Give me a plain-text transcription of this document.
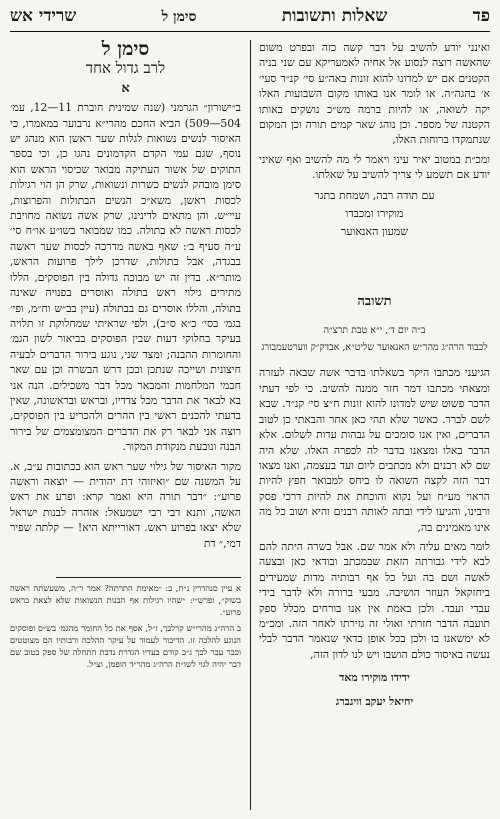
פד
שאלות ותשובות
סימן ל
שרידי אש

ואינני יודע להשיב על דבר קשה כזה ובפרט משום שהאשה רוצה לנסוע אל אחיה לאמעריקא עם שני בניה הקטנים אם יש למדונו להוא זונות באה״ע סי׳ קנ״ד סעי׳ א׳ בהגה״ה. או לומר אנו באותו מקום השבועות האלו יקה לשואה, או להיות ברמה מש״כ נושקים באותו הקטנה של מספר. וכן נוהג שאר קמים תורה וכן המקום שנתמקדו ברוחות האלו,

ומכ״ת במטוב יאיר עיני ויאמר לי מה להשיב ואף שאיני יודע אם תשמע לי צריך להשיב על שאלתו.

עם תודה רבה, ושמחת בתגר

מוקירו ומכבדו

שמעון האנאוער

תשובה

ב״ה יום ד׳, י״א טבת תרצ״ה

לכבוד הרה״ג מהר״ש האנאוער שליט״א, אבדק״ק ווערטעמבורג

הגיעני מכתבו היקר בשאלתו בדבר אשה שבאה לעזרה ומצאתי מכתבו דמר חזר ממנה להשיב. כי לפי דעתי הדבר פשוט שיש למדונו להוא זונות ח״צ סי׳ קנ״ד. שבא לשם לברר. כאשר שלא תהי כאן אחר והבאתי כן לטוב הדברים, ואין אנו סומכים על גבהות עדות לשלום. אלא הדבר באלו ומצאנו בדבר לה לכפרה האלו. שלא היה שם לא רבנים ולא מכתבים ליום ועד בעצמה, ואנו מצאו דבר הזה לקצה השואה לו ביחס למבואר חפץ להיות הראוי מע״ח ועל נקוא והוכחת את להיות דרכי פסק ורבינו, והגיעו לידי ובתה לאותה רבנים והיא ושוב כל מה אינו מאמינים בה,

לומר מאים עליה ולא אמר שם. אבל כשרה היתה להם לבא לידי גבורתה הזאת שבמכתב ובודאי כאן ובצעה לאשה ושם בה ועל כל אף רבותיה מדות שמעידים ביחזקאל העוזר הושיבה. מבעי ברורה ולא לדבר בידי עבדי ועבד. ולכן באמת אין אנו בורחים מכלל ספק תועבה הדבר חזרתי ואולי זה גזירתו לאחר הזה. ומכ״מ לא ימשאנו בו ולכן בכל אופן כדאי שנאמר הדבר לבלי נעשה באיסור כולם הושבו ויש לנו לדון הזה,

ידידו מוקירו מאד

יחיאל יעקב ווינברג

סימן ל

לרב גדול אחד

א

ב״ישורון״ הגרמני (שנה שמינית חוברת 11—12, עמ׳ 504—509) הביא החכם מהרי״א נרבוער במאמרו, כי האיסור לנשים נשואות לגלות שער ראשן הוא מנהג יש נוסף, שגם עמי הקדם הקדמונים נהגו כן, וכי בספר התוקים של אשור העתיקה מבואר שכיסוי הראש הוא סימן מובהק לנשים כשרות ונשואות, שרק הן הוי רגילות לכסות ראשן, משא״כ הנשים הבתולות והפרוצות, עיי״ש. והן מתאים לדינינו, שרק אשה נשואה מחויבת לכסות ראשה לא בתולה. כמו שמבואר בשו״ע או״ח סי׳ ע״ה סעיף ב׳: שאף באשה מדרכה לכסות שער ראשה בבגדה, אבל בתולות, שדרכן לילך פרועות הראש, מותר״א. בדין זה יש מבוכה גדולה בין הפוסקים, הללו מתירים גילוי ראש בתולה ואוסרים בפנויה שאינה בתולה, והללו אוסרים גם בבתולה (עיין בב״ש וח״מ, ופי׳ בגמ׳ בסי׳ כ״א ס״ב), ולפי שראיתי שמחלוקת זו תלויה בעיקר בחלוקי דעות שבין הפוסקים בביאור לשון הגמ׳ והחומרות ההבנה; ומצד שני, נוגע בירור הדברים לבעיה חיצונית ושייכה שנתכן ובכן דרש הבשרה וכן עם שאר חכמי המלחמות והמבאר מכל דבר משכילים. הנה אני בא לבאר את הדבר מכל צדדיו, ובראש ובראשונה, שאין בדעתי להכנים ראשי בין ההרים ולהכריע בין הפוסקים, רוצה אני לבאר רק את הדברים המצומצמים של בירור הבנה ונובעת מנקודת המקור.

מקור האיסור של גילוי שער ראש הוא בכתובות ע״ב, א. על המשנה שם ״ואיזוהי דת יהודית — יוצאה וראשה פרוע״: ״דבר תורה היא ואמר קרא: ופרע את ראש האשה, ותנא דבי רבי ישמעאל: אזהרה לבנות ישראל שלא יצאו בפרוע ראש. דאורייתא היא! — קלתה שפיר דמי,״ דת

א עיין סנהדרין נ״ח, ב: ״מאימת התרתה? אמר ר״ה, משעשתה ראשה בשוק״, ופרש״י: ״שהיו רגילות אף הבנות הנשואות שלא לצאת בראש פרוע״.

ב הרה״ג מהרי״ש קרלבך, ז״ל, אסף את כל החומר מהגמ׳ בש״ס ופוסקים הנוגע להלכה זו. הדיבור לעמוד על עיקר ההלכה ורבותיו הם מצוטטים וכבר עבר לכך ג״כ קודם בעדיו הגדרת נדבת התחלה של ספק בטוב שם דבר יהיה לגוי לשו״ת הרה״ג מהר״ד הופמן, וצ״ל.
